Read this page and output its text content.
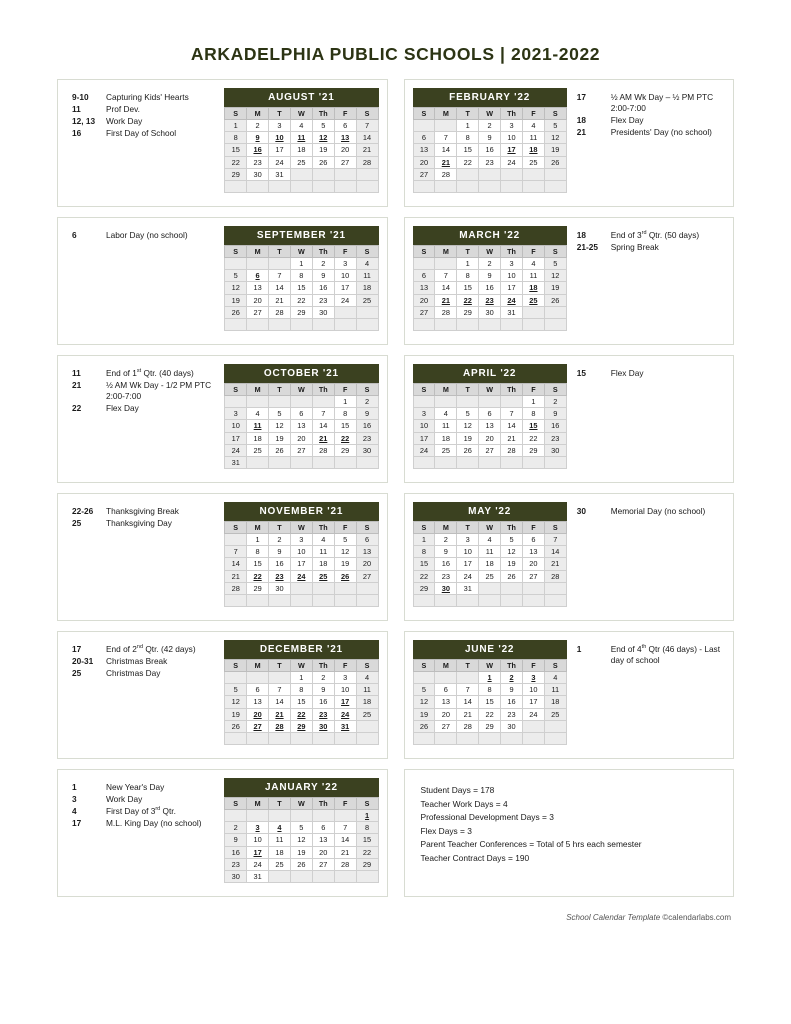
ARKADELPHIA PUBLIC SCHOOLS | 2021-2022
9-10	Capturing Kids' Hearts
11	Prof Dev.
12, 13	Work Day
16	First Day of School
AUGUST '21
S	M	T	W	Th	F	S
1	2	3	4	5	6	7
8	9	10	11	12	13	14
15	16	17	18	19	20	21
22	23	24	25	26	27	28
29	30	31				

FEBRUARY '22
S	M	T	W	Th	F	S
		1	2	3	4	5
6	7	8	9	10	11	12
13	14	15	16	17	18	19
20	21	22	23	24	25	26
27	28					

17	½ AM Wk Day – ½ PM PTC 2:00-7:00
18	Flex Day
21	Presidents' Day (no school)
6	Labor Day (no school)	SEPTEMBER '21
S	M	T	W	Th	F	S
			1	2	3	4
5	6	7	8	9	10	11
12	13	14	15	16	17	18
19	20	21	22	23	24	25
26	27	28	29	30		

MARCH '22
S	M	T	W	Th	F	S
		1	2	3	4	5
6	7	8	9	10	11	12
13	14	15	16	17	18	19
20	21	22	23	24	25	26
27	28	29	30	31		

18	End of 3rd Qtr. (50 days)
21-25	Spring Break
11	End of 1st Qtr. (40 days)
21	½ AM Wk Day - 1/2 PM PTC 2:00-7:00
22	Flex Day
OCTOBER '21
S	M	T	W	Th	F	S
					1	2
3	4	5	6	7	8	9
10	11	12	13	14	15	16
17	18	19	20	21	22	23
24	25	26	27	28	29	30
31						
APRIL '22
S	M	T	W	Th	F	S
					1	2
3	4	5	6	7	8	9
10	11	12	13	14	15	16
17	18	19	20	21	22	23
24	25	26	27	28	29	30

15	Flex Day
22-26	Thanksgiving Break
25	Thanksgiving Day
NOVEMBER '21
S	M	T	W	Th	F	S
	1	2	3	4	5	6
7	8	9	10	11	12	13
14	15	16	17	18	19	20
21	22	23	24	25	26	27
28	29	30				

MAY '22
S	M	T	W	Th	F	S
1	2	3	4	5	6	7
8	9	10	11	12	13	14
15	16	17	18	19	20	21
22	23	24	25	26	27	28
29	30	31				

30	Memorial Day (no school)
17	End of 2nd Qtr. (42 days)
20-31	Christmas Break
25	Christmas Day
DECEMBER '21
S	M	T	W	Th	F	S
			1	2	3	4
5	6	7	8	9	10	11
12	13	14	15	16	17	18
19	20	21	22	23	24	25
26	27	28	29	30	31	

JUNE '22
S	M	T	W	Th	F	S
			1	2	3	4
5	6	7	8	9	10	11
12	13	14	15	16	17	18
19	20	21	22	23	24	25
26	27	28	29	30		

1	End of 4th Qtr (46 days) - Last day of school
1	New Year's Day
3	Work Day
4	First Day of 3rd Qtr.
17	M.L. King Day (no school)
JANUARY '22
S	M	T	W	Th	F	S
						1
2	3	4	5	6	7	8
9	10	11	12	13	14	15
16	17	18	19	20	21	22
23	24	25	26	27	28	29
30	31					
Student Days = 178
Teacher Work Days = 4
Professional Development Days = 3
Flex Days = 3
Parent Teacher Conferences = Total of 5 hrs each semester
Teacher Contract Days = 190
School Calendar Template ©calendarlabs.com
